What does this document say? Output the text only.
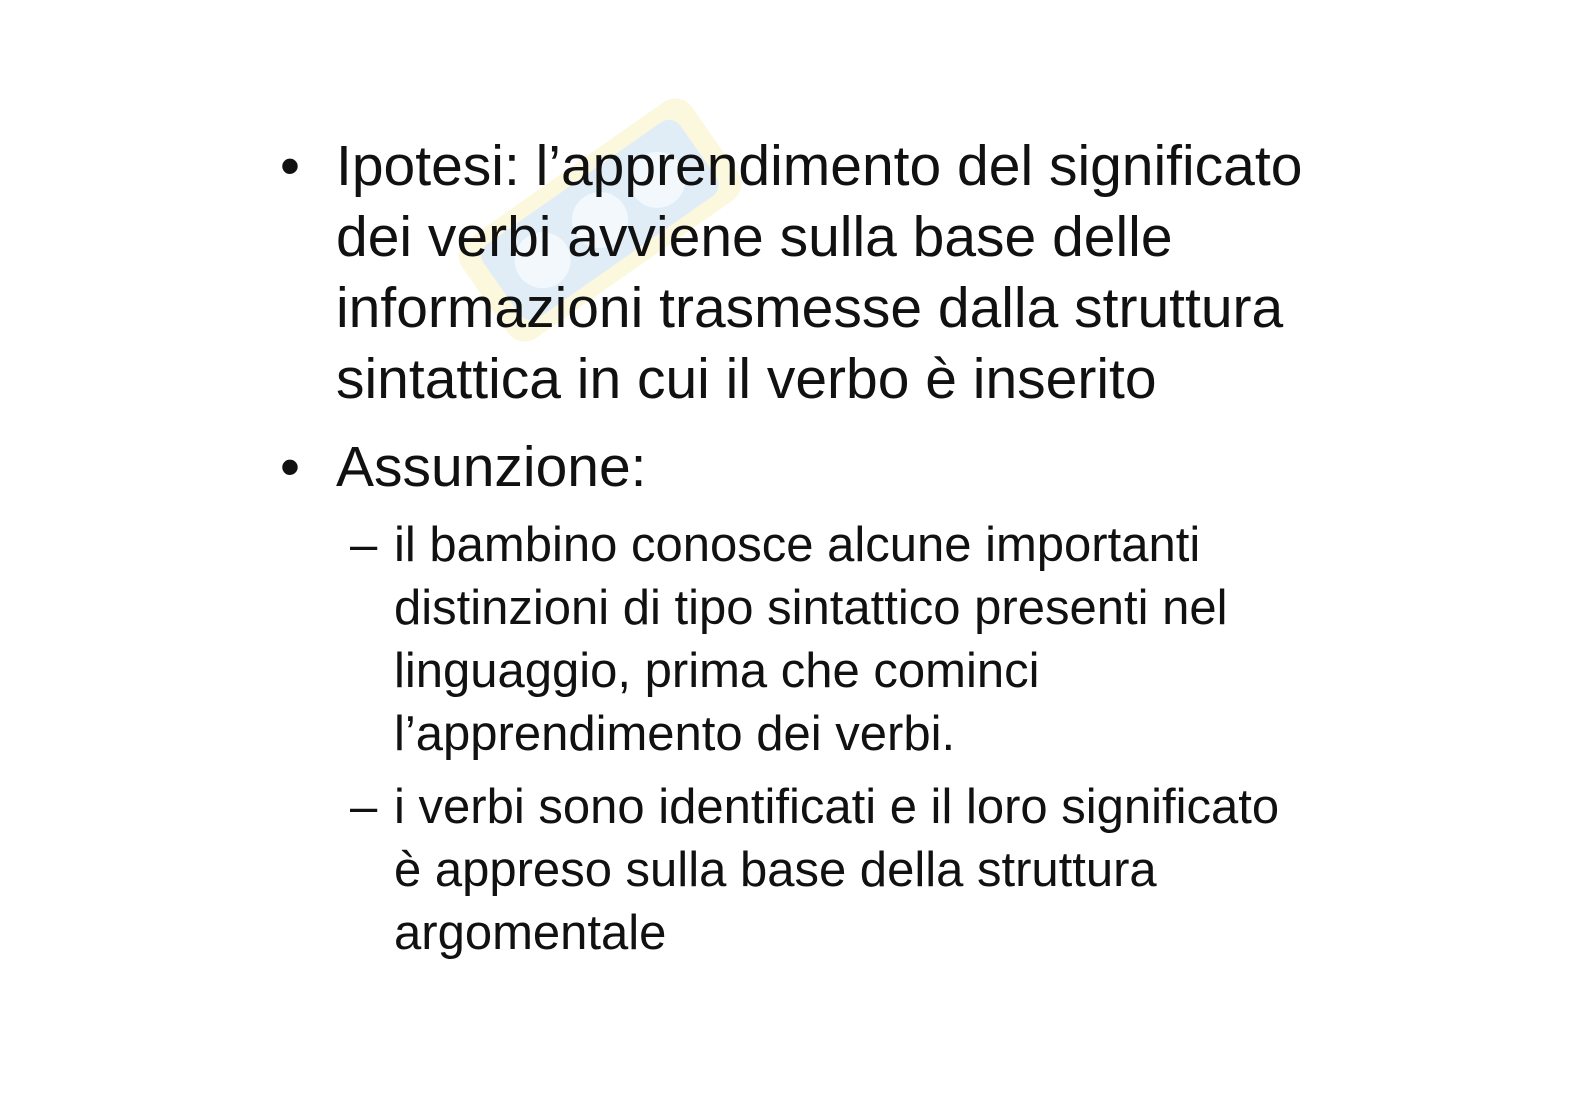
• Ipotesi: l’apprendimento del significato
dei verbi avviene sulla base delle
informazioni trasmesse dalla struttura
sintattica in cui il verbo è inserito
• Assunzione:
– il bambino conosce alcune importanti
distinzioni di tipo sintattico presenti nel
linguaggio, prima che cominci
l’apprendimento dei verbi.
– i verbi sono identificati e il loro significato
è appreso sulla base della struttura
argomentale
